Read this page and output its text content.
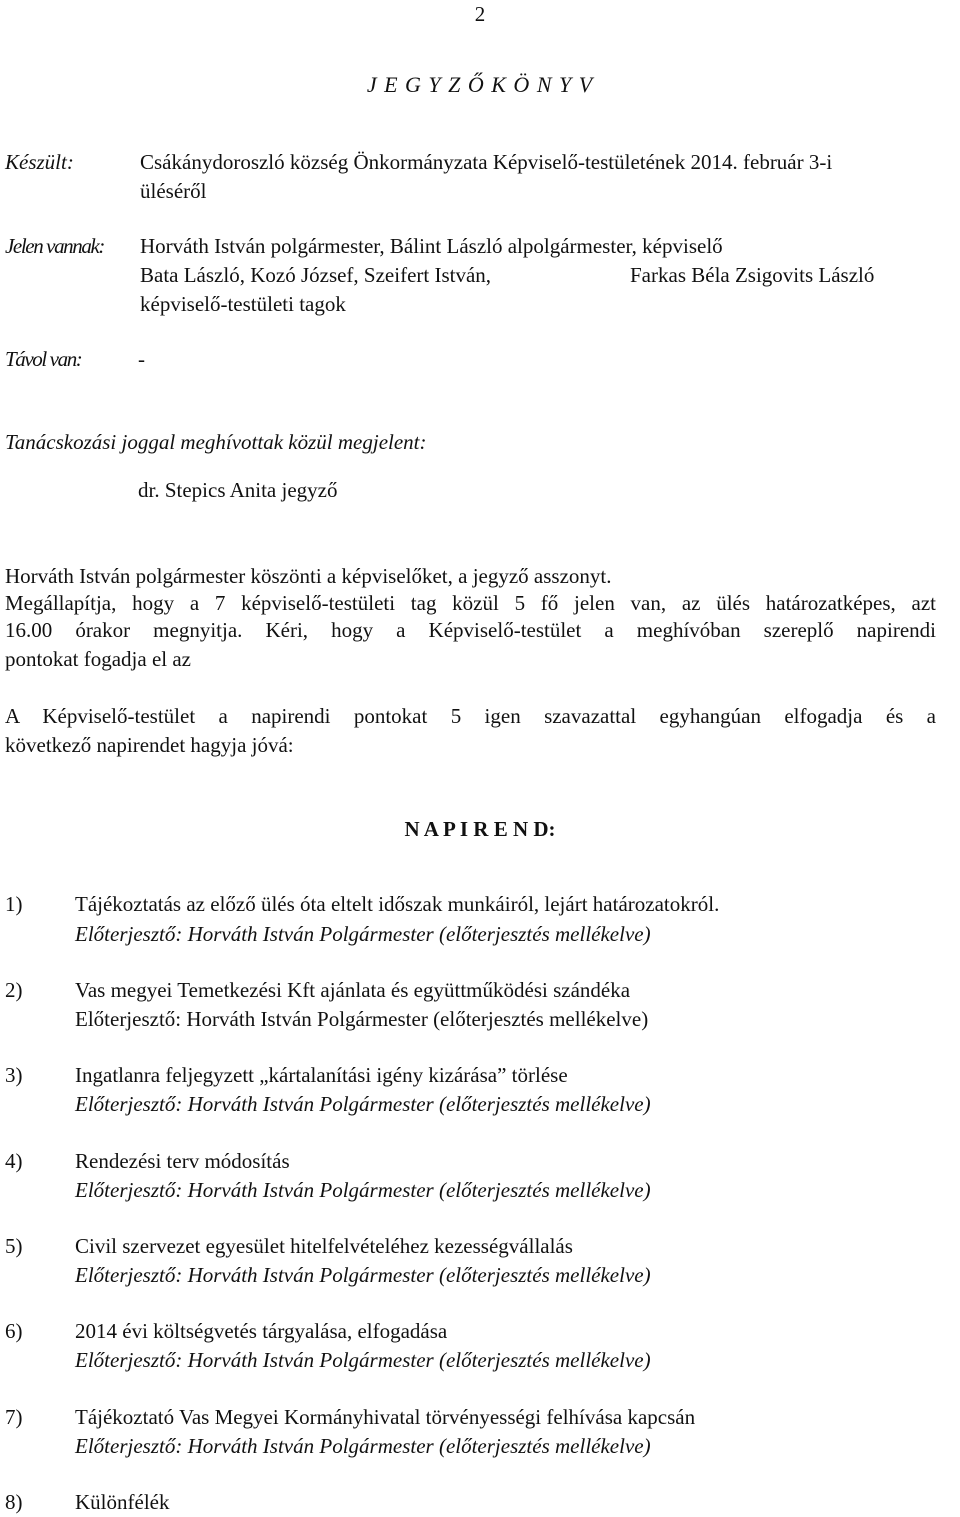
2
J E G Y Z Ő K Ö N Y V
Készült:	Csákánydoroszló község Önkormányzata Képviselő-testületének 2014. február 3-i
üléséről
Jelen vannak: Horváth István polgármester, Bálint László alpolgármester, képviselő
Bata László, Kozó József, Szeifert István,	Farkas Béla Zsigovits László
képviselő-testületi tagok
Távol van:	-
Tanácskozási joggal meghívottak közül megjelent:
dr. Stepics Anita jegyző
Horváth István polgármester köszönti a képviselőket, a jegyző asszonyt.
Megállapítja, hogy a 7 képviselő-testületi tag közül 5 fő jelen van, az ülés határozatképes, azt
16.00 órakor megnyitja. Kéri, hogy a Képviselő-testület a meghívóban szereplő napirendi
pontokat fogadja el az
A Képviselő-testület a napirendi pontokat 5 igen szavazattal egyhangúan elfogadja és a
következő napirendet hagyja jóvá:
N A P I R E N D:
1)	Tájékoztatás az előző ülés óta eltelt időszak munkáiról, lejárt határozatokról.
Előterjesztő: Horváth István Polgármester (előterjesztés mellékelve)
2)	Vas megyei Temetkezési Kft ajánlata és együttműködési szándéka
Előterjesztő: Horváth István Polgármester (előterjesztés mellékelve)
3)	Ingatlanra feljegyzett „kártalanítási igény kizárása” törlése
Előterjesztő: Horváth István Polgármester (előterjesztés mellékelve)
4)	Rendezési terv módosítás
Előterjesztő: Horváth István Polgármester (előterjesztés mellékelve)
5)	Civil szervezet egyesület hitelfelvételéhez kezességvállalás
Előterjesztő: Horváth István Polgármester (előterjesztés mellékelve)
6)	2014 évi költségvetés tárgyalása, elfogadása
Előterjesztő: Horváth István Polgármester (előterjesztés mellékelve)
7)	Tájékoztató Vas Megyei Kormányhivatal törvényességi felhívása kapcsán
Előterjesztő: Horváth István Polgármester (előterjesztés mellékelve)
8)	Különfélék
